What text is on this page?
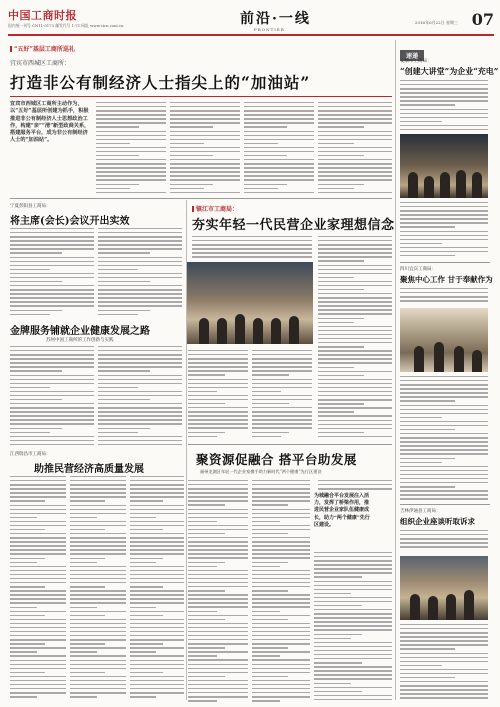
中国工商时报
国内统一刊号 CN11-0173 邮发代号 1-71 网址 www.cicn.com.cn	前沿·一线
FRONTIER
2016年6月22日 星期三 07
“五好”基层工商所巡礼
宜宾市西城区工商所：
打造非公有制经济人士指尖上的“加油站”

宜宾市西城区工商所主动作为，以“五好”基层所创建为抓手，积极推进非公有制经济人士思想政治工作，构建“亲”“清”新型政商关系，搭建服务平台，成为非公有制经济人士的“加油站”。

宁夏彭阳县工商局：
将主席(会长)会议开出实效
金牌服务铺就企业健康发展之路
苏州中国工商所的工作创新与实践
江西瑞昌市工商局：
助推民营经济高质量发展
镇江市工商局：
夯实年轻一代民营企业家理想信念
聚资源促融合 搭平台助发展
福州龙湖区年轻一代企业家携手助力新时代“两个健康”先行区建设

为城融合平台发展注入活力，发挥了桥梁作用，推进民营企业家队伍健康成长，助力“两个健康”先行区建设。

速递
安顺市工商局：
“创建大讲堂”为企业“充电”
四川宜宾工商局：
聚焦中心工作 甘于奉献作为
吉林伊通县工商局：
组织企业座谈听取诉求
